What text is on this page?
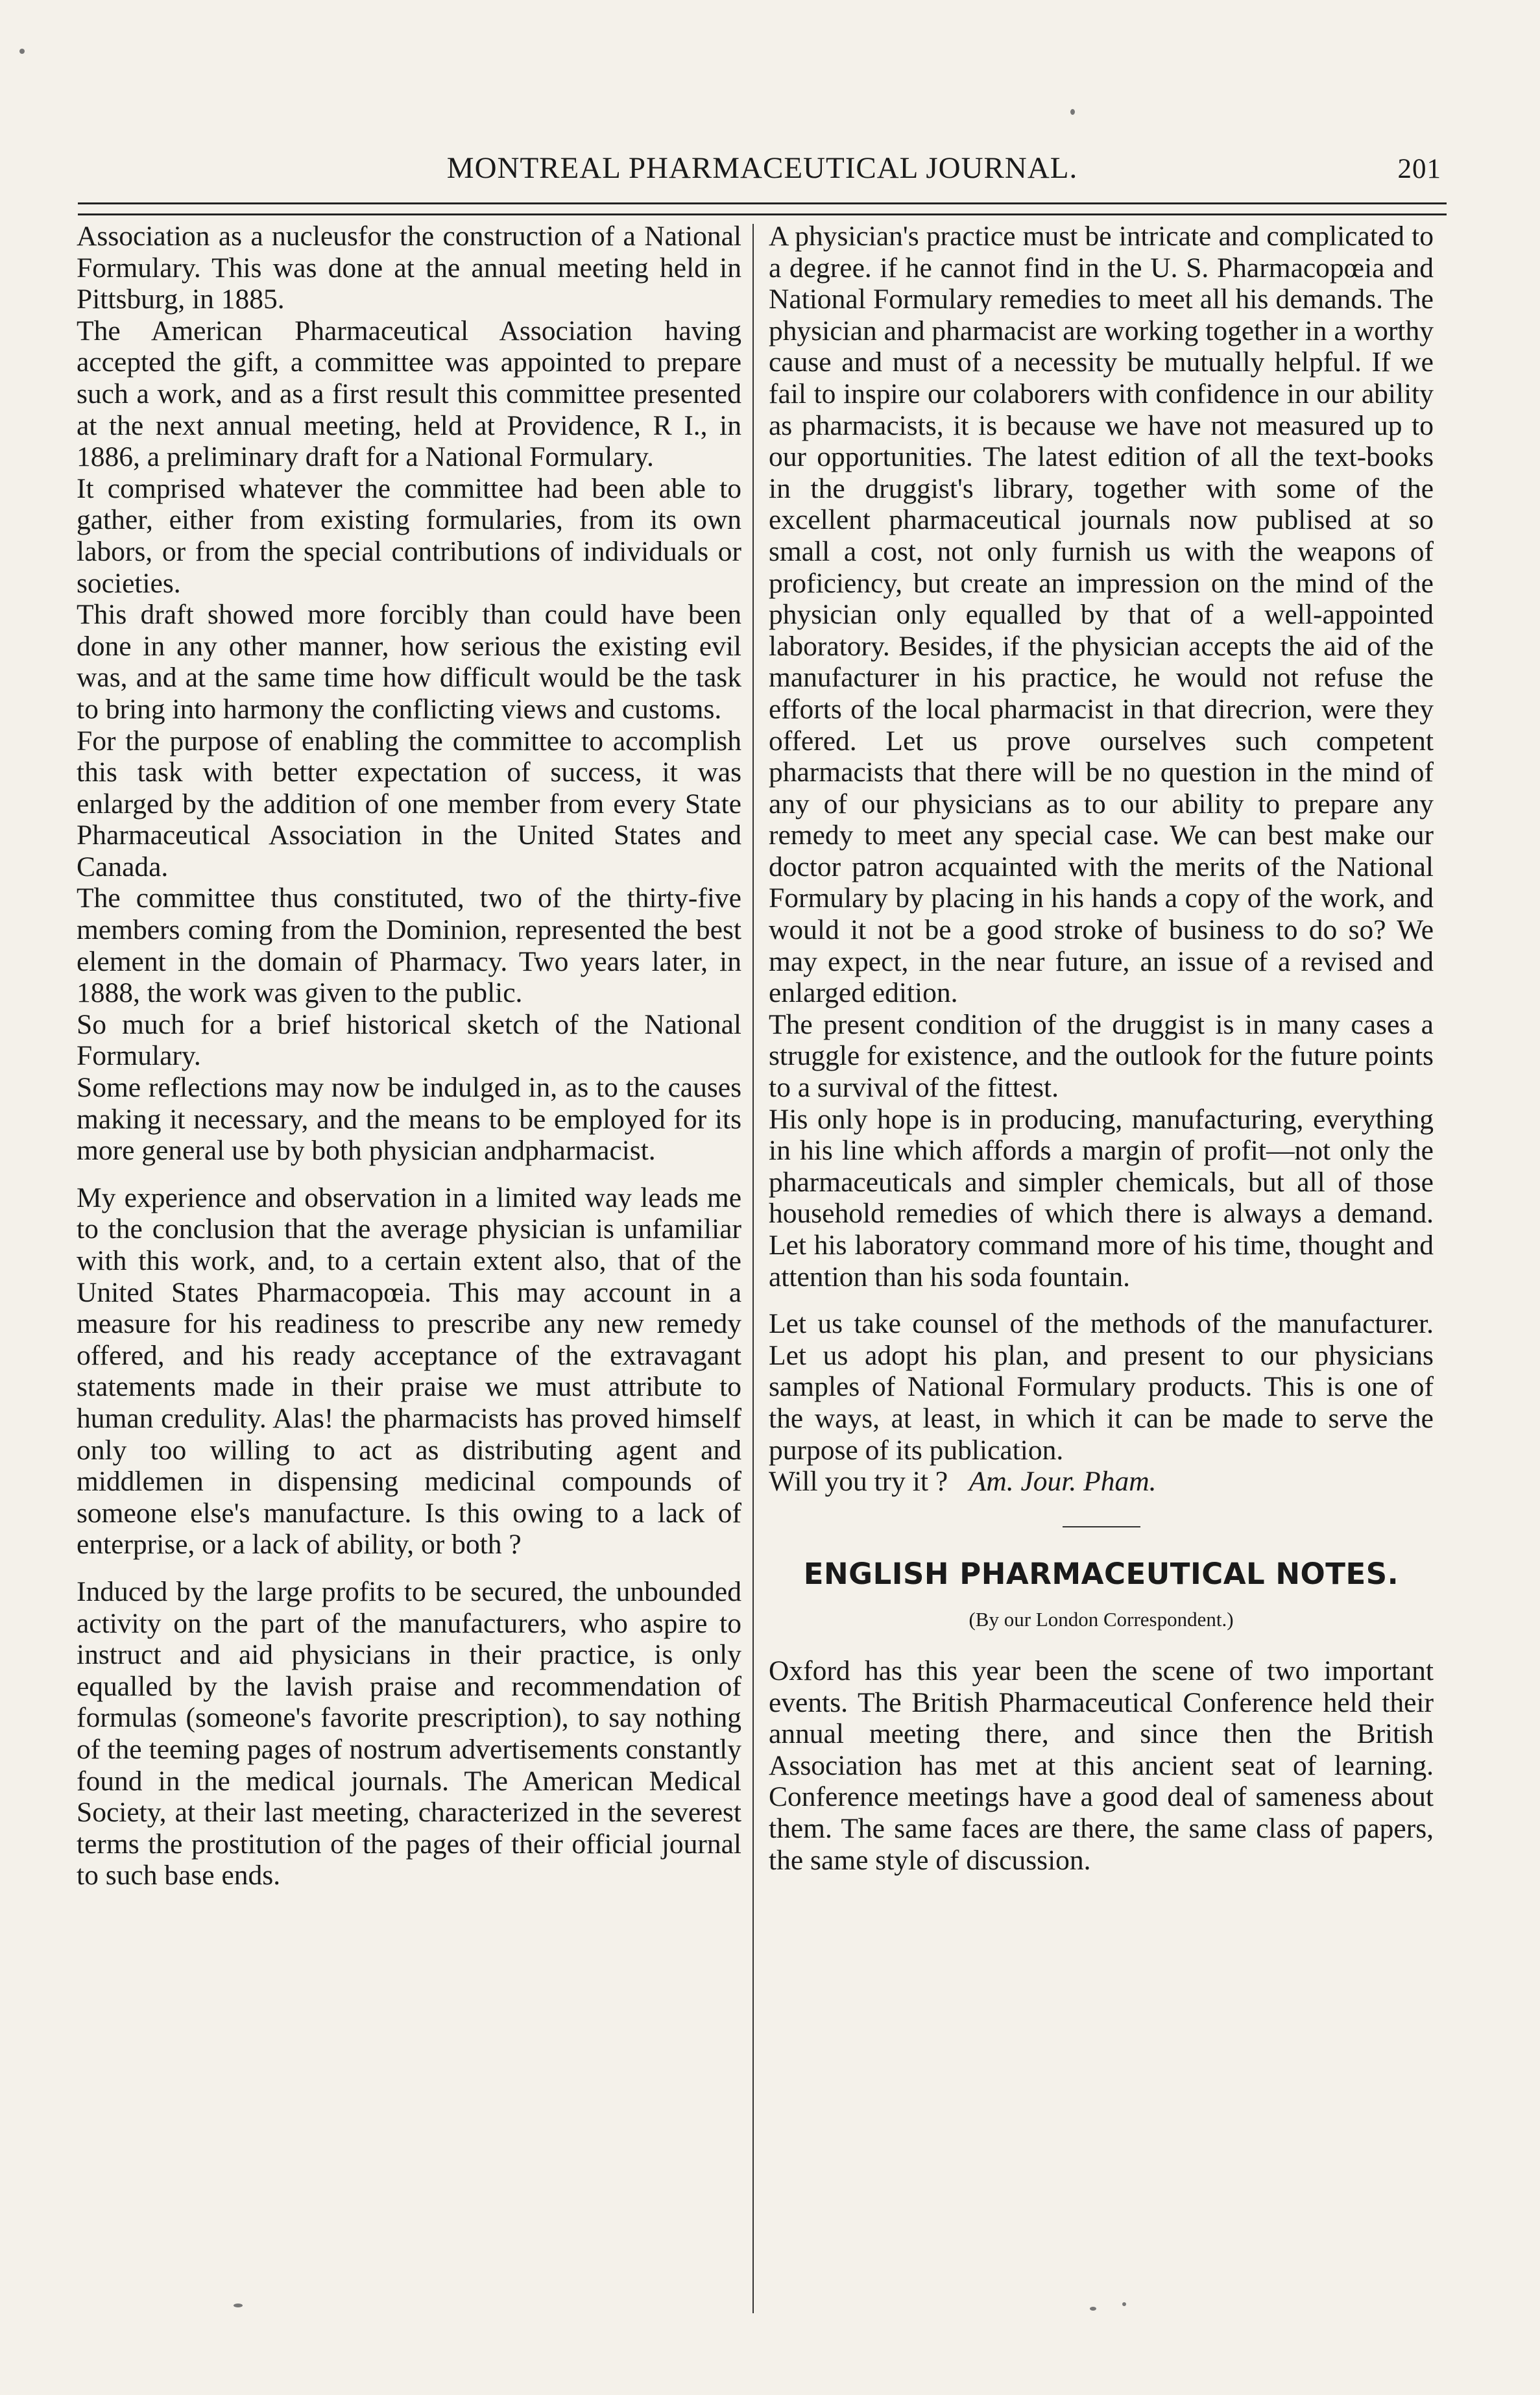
MONTREAL PHARMACEUTICAL JOURNAL.	201

Association as a nucleusfor the construction of a National Formulary. This was done at the annual meeting held in Pittsburg, in 1885.

The American Pharmaceutical Association having accepted the gift, a committee was appointed to prepare such a work, and as a first result this committee presented at the next annual meeting, held at Providence, R I., in 1886, a preliminary draft for a National Formulary.

It comprised whatever the committee had been able to gather, either from existing formularies, from its own labors, or from the special contributions of individuals or societies.

This draft showed more forcibly than could have been done in any other manner, how serious the existing evil was, and at the same time how difficult would be the task to bring into harmony the conflicting views and customs.

For the purpose of enabling the committee to accomplish this task with better expectation of success, it was enlarged by the addition of one member from every State Pharmaceutical Association in the United States and Canada.

The committee thus constituted, two of the thirty-five members coming from the Dominion, represented the best element in the domain of Pharmacy. Two years later, in 1888, the work was given to the public.

So much for a brief historical sketch of the National Formulary.

Some reflections may now be indulged in, as to the causes making it necessary, and the means to be employed for its more general use by both physician andpharmacist.

My experience and observation in a limited way leads me to the conclusion that the average physician is unfamiliar with this work, and, to a certain extent also, that of the United States Pharmacopœia. This may account in a measure for his readiness to prescribe any new remedy offered, and his ready acceptance of the extravagant statements made in their praise we must attribute to human credulity. Alas! the pharmacists has proved himself only too willing to act as distributing agent and middlemen in dispensing medicinal compounds of someone else's manufacture. Is this owing to a lack of enterprise, or a lack of ability, or both ?

Induced by the large profits to be secured, the unbounded activity on the part of the manufacturers, who aspire to instruct and aid physicians in their practice, is only equalled by the lavish praise and recommendation of formulas (someone's favorite prescription), to say nothing of the teeming pages of nostrum advertisements constantly found in the medical journals. The American Medical Society, at their last meeting, characterized in the severest terms the prostitution of the pages of their official journal to such base ends.

A physician's practice must be intricate and complicated to a degree. if he cannot find in the U. S. Pharmacopœia and National Formulary remedies to meet all his demands. The physician and pharmacist are working together in a worthy cause and must of a necessity be mutually helpful. If we fail to inspire our colaborers with confidence in our ability as pharmacists, it is because we have not measured up to our opportunities. The latest edition of all the text-books in the druggist's library, together with some of the excellent pharmaceutical journals now publised at so small a cost, not only furnish us with the weapons of proficiency, but create an impression on the mind of the physician only equalled by that of a well-appointed laboratory. Besides, if the physician accepts the aid of the manufacturer in his practice, he would not refuse the efforts of the local pharmacist in that direcrion, were they offered. Let us prove ourselves such competent pharmacists that there will be no question in the mind of any of our physicians as to our ability to prepare any remedy to meet any special case. We can best make our doctor patron acquainted with the merits of the National Formulary by placing in his hands a copy of the work, and would it not be a good stroke of business to do so? We may expect, in the near future, an issue of a revised and enlarged edition.

The present condition of the druggist is in many cases a struggle for existence, and the outlook for the future points to a survival of the fittest.

His only hope is in producing, manufacturing, everything in his line which affords a margin of profit—not only the pharmaceuticals and simpler chemicals, but all of those household remedies of which there is always a demand. Let his laboratory command more of his time, thought and attention than his soda fountain.

Let us take counsel of the methods of the manufacturer. Let us adopt his plan, and present to our physicians samples of National Formulary products. This is one of the ways, at least, in which it can be made to serve the purpose of its publication.

Will you try it ? Am. Jour. Pham.

ENGLISH PHARMACEUTICAL NOTES.
(By our London Correspondent.)

Oxford has this year been the scene of two important events. The British Pharmaceutical Conference held their annual meeting there, and since then the British Association has met at this ancient seat of learning. Conference meetings have a good deal of sameness about them. The same faces are there, the same class of papers, the same style of discussion.
